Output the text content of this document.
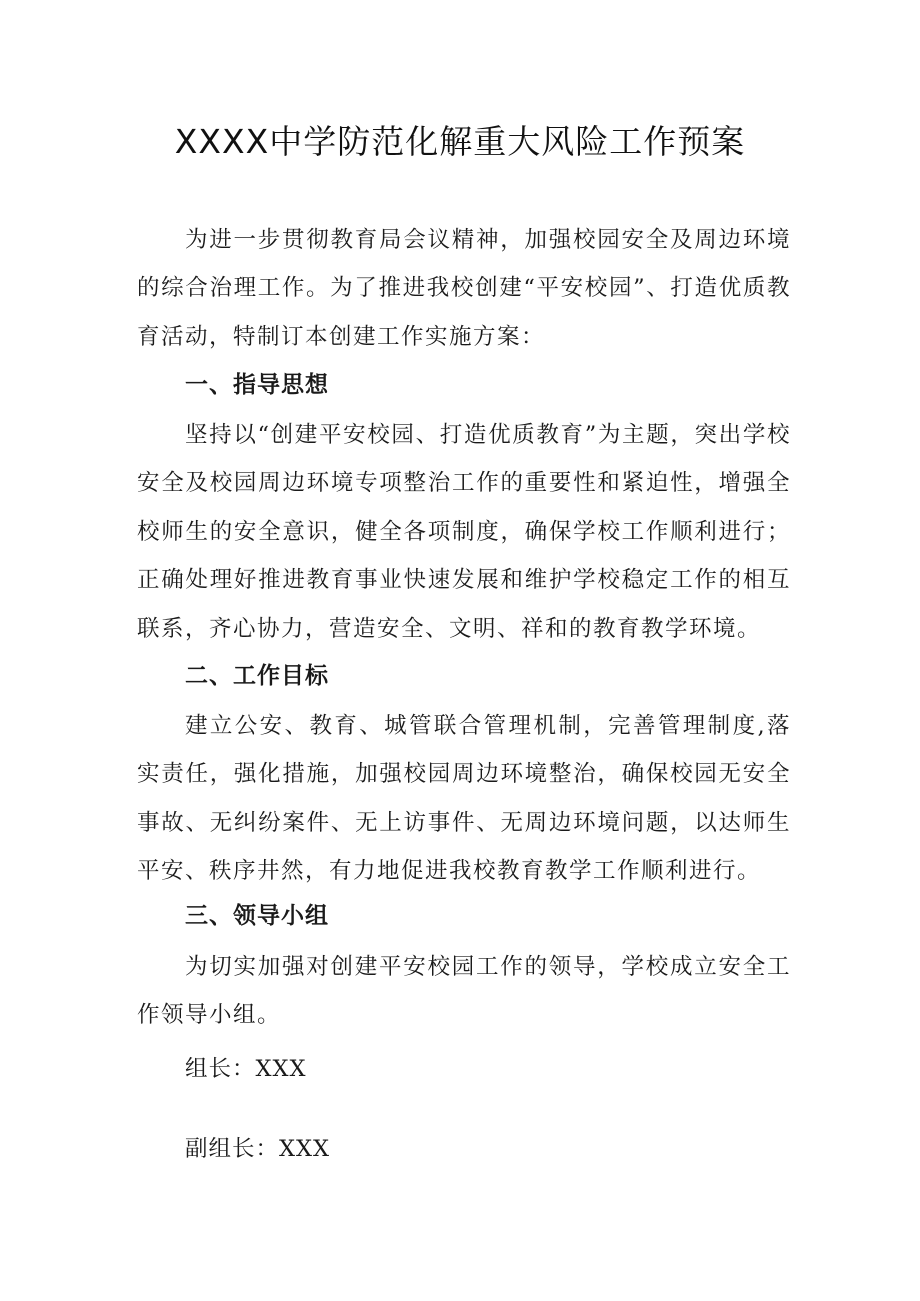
XXXX中学防范化解重大风险工作预案

为进一步贯彻教育局会议精神，加强校园安全及周边环境的综合治理工作。为了推进我校创建“平安校园”、打造优质教育活动，特制订本创建工作实施方案：

一、指导思想

坚持以“创建平安校园、打造优质教育”为主题，突出学校安全及校园周边环境专项整治工作的重要性和紧迫性，增强全校师生的安全意识，健全各项制度，确保学校工作顺利进行；正确处理好推进教育事业快速发展和维护学校稳定工作的相互联系，齐心协力，营造安全、文明、祥和的教育教学环境。

二、工作目标

建立公安、教育、城管联合管理机制，完善管理制度,落实责任，强化措施，加强校园周边环境整治，确保校园无安全事故、无纠纷案件、无上访事件、无周边环境问题，以达师生平安、秩序井然，有力地促进我校教育教学工作顺利进行。

三、领导小组

为切实加强对创建平安校园工作的领导，学校成立安全工作领导小组。

组长：XXX

副组长：XXX
